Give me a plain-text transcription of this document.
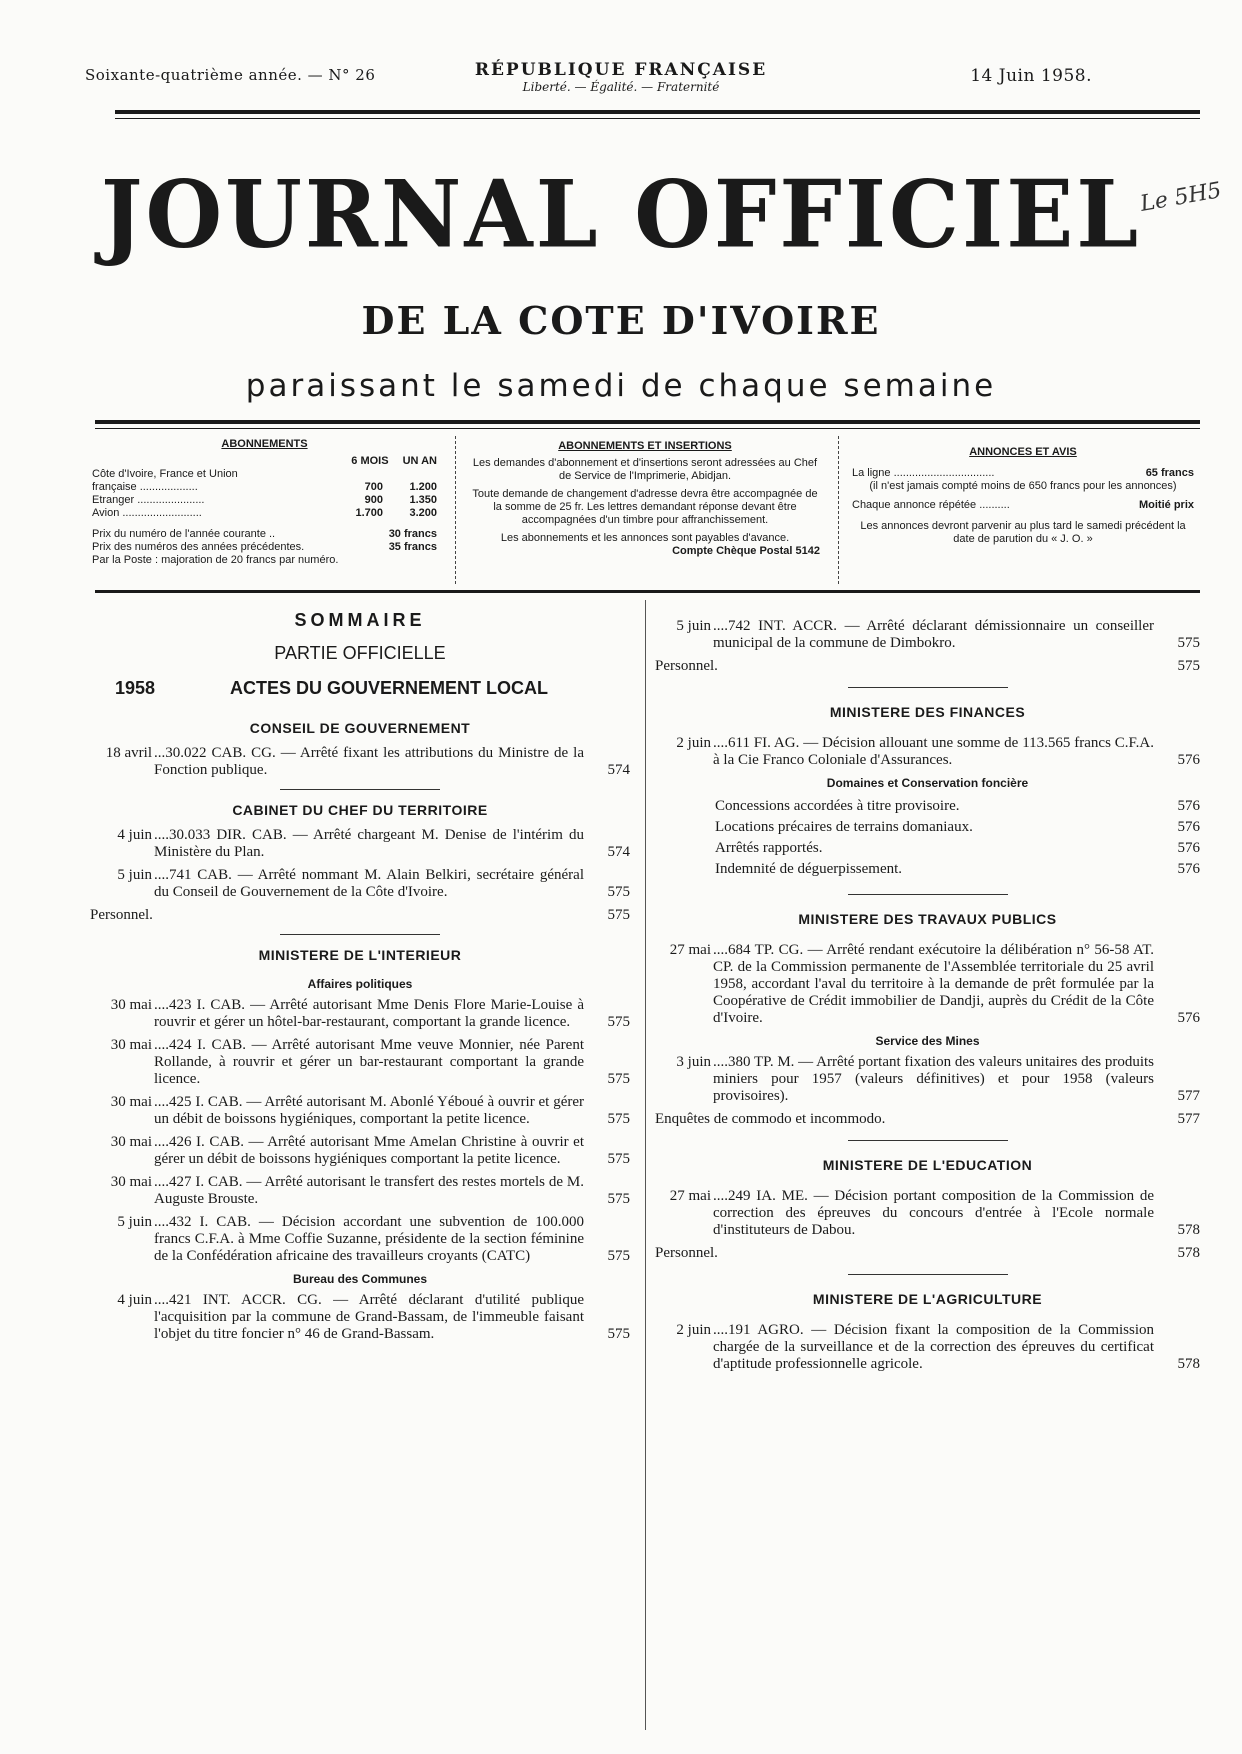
Soixante-quatrième année. — N° 26	RÉPUBLIQUE FRANÇAISE
Liberté. — Égalité. — Fraternité
14 Juin 1958.
JOURNAL OFFICIEL
Le 5H5
DE LA COTE D'IVOIRE
paraissant le samedi de chaque semaine
ABONNEMENTS
6 MOIS UN AN
Côte d'Ivoire, France et Union
française ...................	700	1.200
Etranger ......................	900	1.350
Avion ..........................	1.700	3.200
Prix du numéro de l'année courante ..	30 francs
Prix des numéros des années précédentes.	35 francs
Par la Poste : majoration de 20 francs par numéro.
ABONNEMENTS ET INSERTIONS
Les demandes d'abonnement et d'insertions seront adressées au Chef de Service de l'Imprimerie, Abidjan.
Toute demande de changement d'adresse devra être accompagnée de la somme de 25 fr. Les lettres demandant réponse devant être accompagnées d'un timbre pour affranchissement.
Les abonnements et les annonces sont payables d'avance.
Compte Chèque Postal 5142
ANNONCES ET AVIS
La ligne .................................	65 francs
(il n'est jamais compté moins de 650 francs pour les annonces)
Chaque annonce répétée ..........	Moitié prix
Les annonces devront parvenir au plus tard le samedi précédent la date de parution du « J. O. »
SOMMAIRE
PARTIE OFFICIELLE
1958	ACTES DU GOUVERNEMENT LOCAL
CONSEIL DE GOUVERNEMENT
18 avril ...30.022 CAB. CG. — Arrêté fixant les attributions du Ministre de la Fonction publique.	574
CABINET DU CHEF DU TERRITOIRE
4 juin ....30.033 DIR. CAB. — Arrêté chargeant M. Denise de l'intérim du Ministère du Plan.	574
5 juin ....741 CAB. — Arrêté nommant M. Alain Belkiri, secrétaire général du Conseil de Gouvernement de la Côte d'Ivoire.	575
Personnel.	575
MINISTERE DE L'INTERIEUR
Affaires politiques
30 mai ....423 I. CAB. — Arrêté autorisant Mme Denis Flore Marie-Louise à rouvrir et gérer un hôtel-bar-restaurant, comportant la grande licence.	575
30 mai ....424 I. CAB. — Arrêté autorisant Mme veuve Monnier, née Parent Rollande, à rouvrir et gérer un bar-restaurant comportant la grande licence.	575
30 mai ....425 I. CAB. — Arrêté autorisant M. Abonlé Yéboué à ouvrir et gérer un débit de boissons hygiéniques, comportant la petite licence.	575
30 mai ....426 I. CAB. — Arrêté autorisant Mme Amelan Christine à ouvrir et gérer un débit de boissons hygiéniques comportant la petite licence.	575
30 mai ....427 I. CAB. — Arrêté autorisant le transfert des restes mortels de M. Auguste Brouste.	575
5 juin ....432 I. CAB. — Décision accordant une subvention de 100.000 francs C.F.A. à Mme Coffie Suzanne, présidente de la section féminine de la Confédération africaine des travailleurs croyants (CATC)	575
Bureau des Communes
4 juin ....421 INT. ACCR. CG. — Arrêté déclarant d'utilité publique l'acquisition par la commune de Grand-Bassam, de l'immeuble faisant l'objet du titre foncier n° 46 de Grand-Bassam.	575
5 juin ....742 INT. ACCR. — Arrêté déclarant démissionnaire un conseiller municipal de la commune de Dimbokro.	575
Personnel.	575
MINISTERE DES FINANCES
2 juin ....611 FI. AG. — Décision allouant une somme de 113.565 francs C.F.A. à la Cie Franco Coloniale d'Assurances.	576
Domaines et Conservation foncière
Concessions accordées à titre provisoire.	576
Locations précaires de terrains domaniaux.	576
Arrêtés rapportés.	576
Indemnité de déguerpissement.	576
MINISTERE DES TRAVAUX PUBLICS
27 mai ....684 TP. CG. — Arrêté rendant exécutoire la délibération n° 56-58 AT. CP. de la Commission permanente de l'Assemblée territoriale du 25 avril 1958, accordant l'aval du territoire à la demande de prêt formulée par la Coopérative de Crédit immobilier de Dandji, auprès du Crédit de la Côte d'Ivoire.	576
Service des Mines
3 juin ....380 TP. M. — Arrêté portant fixation des valeurs unitaires des produits miniers pour 1957 (valeurs définitives) et pour 1958 (valeurs provisoires).	577
Enquêtes de commodo et incommodo.	577
MINISTERE DE L'EDUCATION
27 mai ....249 IA. ME. — Décision portant composition de la Commission de correction des épreuves du concours d'entrée à l'Ecole normale d'instituteurs de Dabou.	578
Personnel.	578
MINISTERE DE L'AGRICULTURE
2 juin ....191 AGRO. — Décision fixant la composition de la Commission chargée de la surveillance et de la correction des épreuves du certificat d'aptitude professionnelle agricole.	578
